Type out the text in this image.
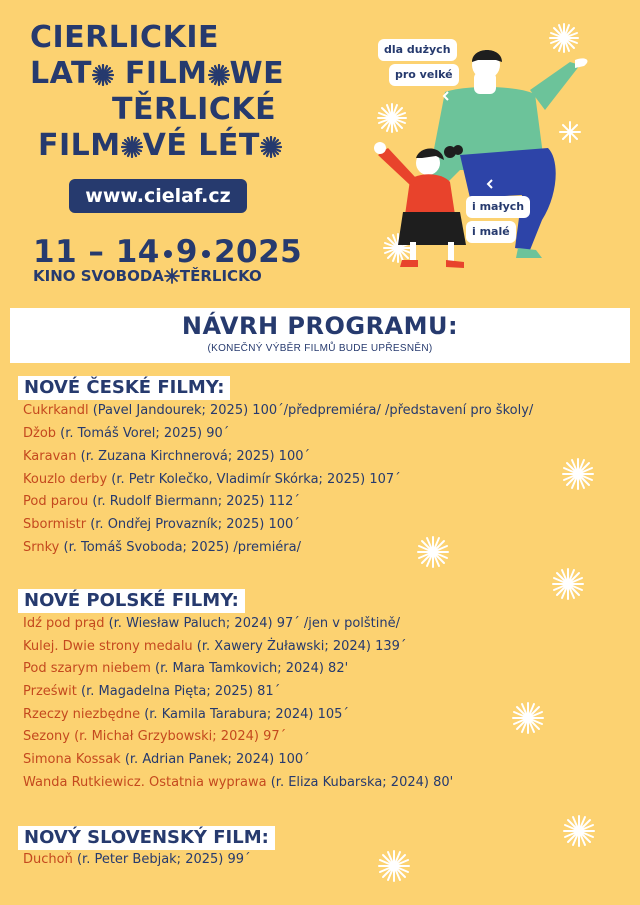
CIERLICKIE
LAT FILM WE
TĚRLICKÉ
FILM VÉ LÉT
www.cielaf.cz
11 – 14 9 2025
KINO SVOBODA TĚRLICKO
dla dużych
pro velké
i małych
i malé
NÁVRH PROGRAMU:
(KONEČNÝ VÝBĚR FILMŮ BUDE UPŘESNĚN)
NOVÉ ČESKÉ FILMY:
Cukrkandl (Pavel Jandourek; 2025) 100´/předpremiéra/ /představení pro školy/
Džob (r. Tomáš Vorel; 2025) 90´
Karavan (r. Zuzana Kirchnerová; 2025) 100´
Kouzlo derby (r. Petr Kolečko, Vladimír Skórka; 2025) 107´
Pod parou (r. Rudolf Biermann; 2025) 112´
Sbormistr (r. Ondřej Provazník; 2025) 100´
Srnky (r. Tomáš Svoboda; 2025) /premiéra/
NOVÉ POLSKÉ FILMY:
Idź pod prąd (r. Wiesław Paluch; 2024) 97´ /jen v polštině/
Kulej. Dwie strony medalu (r. Xawery Żuławski; 2024) 139´
Pod szarym niebem (r. Mara Tamkovich; 2024) 82'
Prześwit (r. Magadelna Pięta; 2025) 81´
Rzeczy niezbędne (r. Kamila Tarabura; 2024) 105´
Sezony (r. Michał Grzybowski; 2024) 97´
Simona Kossak (r. Adrian Panek; 2024) 100´
Wanda Rutkiewicz. Ostatnia wyprawa (r. Eliza Kubarska; 2024) 80'
NOVÝ SLOVENSKÝ FILM:
Duchoň (r. Peter Bebjak; 2025) 99´
